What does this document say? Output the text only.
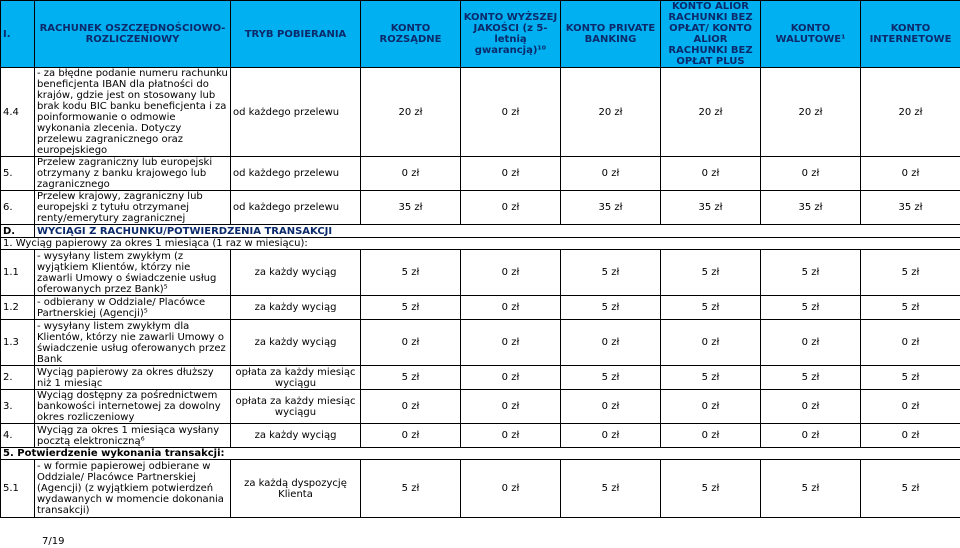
I.	RACHUNEK OSZCZĘDNOŚCIOWO-ROZLICZENIOWY	TRYB POBIERANIA	KONTO ROZSĄDNE	KONTO WYŻSZEJ JAKOŚCI (z 5-letnią gwarancją)¹⁰	KONTO PRIVATE BANKING	KONTO ALIOR RACHUNKI BEZ OPŁAT/ KONTO ALIOR RACHUNKI BEZ OPŁAT PLUS	KONTO WALUTOWE¹	KONTO INTERNETOWE
4.4	- za błędne podanie numeru rachunku beneficjenta IBAN dla płatności do krajów, gdzie jest on stosowany lub brak kodu BIC banku beneficjenta i za poinformowanie o odmowie wykonania zlecenia. Dotyczy przelewu zagranicznego oraz europejskiego	od każdego przelewu	20 zł	0 zł	20 zł	20 zł	20 zł	20 zł
5.	Przelew zagraniczny lub europejski otrzymany z banku krajowego lub zagranicznego	od każdego przelewu	0 zł	0 zł	0 zł	0 zł	0 zł	0 zł
6.	Przelew krajowy, zagraniczny lub europejski z tytułu otrzymanej renty/emerytury zagranicznej	od każdego przelewu	35 zł	0 zł	35 zł	35 zł	35 zł	35 zł
D.	WYCIĄGI Z RACHUNKU/POTWIERDZENIA TRANSAKCJI							
1. Wyciąg papierowy za okres 1 miesiąca (1 raz w miesiącu):								
1.1	- wysyłany listem zwykłym (z wyjątkiem Klientów, którzy nie zawarli Umowy o świadczenie usług oferowanych przez Bank)⁵	za każdy wyciąg	5 zł	0 zł	5 zł	5 zł	5 zł	5 zł
1.2	- odbierany w Oddziale/ Placówce Partnerskiej (Agencji)⁵	za każdy wyciąg	5 zł	0 zł	5 zł	5 zł	5 zł	5 zł
1.3	- wysyłany listem zwykłym dla Klientów, którzy nie zawarli Umowy o świadczenie usług oferowanych przez Bank	za każdy wyciąg	0 zł	0 zł	0 zł	0 zł	0 zł	0 zł
2.	Wyciąg papierowy za okres dłuższy niż 1 miesiąc	opłata za każdy miesiąc wyciągu	5 zł	0 zł	5 zł	5 zł	5 zł	5 zł
3.	Wyciąg dostępny za pośrednictwem bankowości internetowej za dowolny okres rozliczeniowy	opłata za każdy miesiąc wyciągu	0 zł	0 zł	0 zł	0 zł	0 zł	0 zł
4.	Wyciąg za okres 1 miesiąca wysłany pocztą elektroniczną⁶	za każdy wyciąg	0 zł	0 zł	0 zł	0 zł	0 zł	0 zł
5. Potwierdzenie wykonania transakcji:								
5.1	- w formie papierowej odbierane w Oddziale/ Placówce Partnerskiej (Agencji) (z wyjątkiem potwierdzeń wydawanych w momencie dokonania transakcji)	za każdą dyspozycję Klienta	5 zł	0 zł	5 zł	5 zł	5 zł	5 zł
7/19
